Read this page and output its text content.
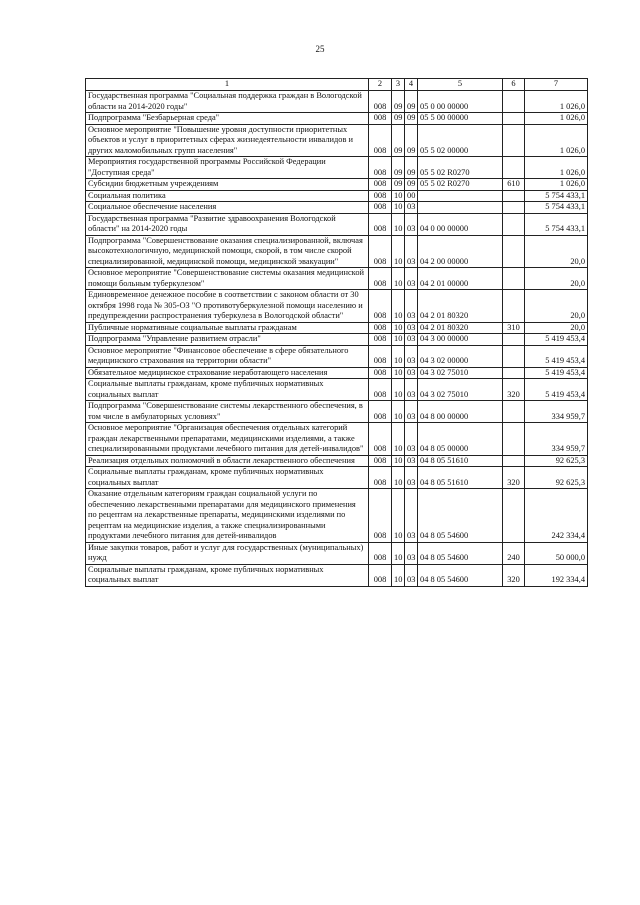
25
1	2	3	4	5	6	7
Государственная программа "Социальная поддержка граждан в Вологодской области на 2014-2020 годы"	008	09	09	05 0 00 00000		1 026,0
Подпрограмма "Безбарьерная среда"	008	09	09	05 5 00 00000		1 026,0
Основное мероприятие "Повышение уровня доступности приоритетных объектов и услуг в приоритетных сферах жизнедеятельности инвалидов и других маломобильных групп населения"	008	09	09	05 5 02 00000		1 026,0
Мероприятия государственной программы Российской Федерации "Доступная среда"	008	09	09	05 5 02 R0270		1 026,0
Субсидии бюджетным учреждениям	008	09	09	05 5 02 R0270	610	1 026,0
Социальная политика	008	10	00			5 754 433,1
Социальное обеспечение населения	008	10	03			5 754 433,1
Государственная программа "Развитие здравоохранения Вологодской области" на 2014-2020 годы	008	10	03	04 0 00 00000		5 754 433,1
Подпрограмма "Совершенствование оказания специализированной, включая высокотехнологичную, медицинской помощи, скорой, в том числе скорой специализированной, медицинской помощи, медицинской эвакуации"	008	10	03	04 2 00 00000		20,0
Основное мероприятие "Совершенствование системы оказания медицинской помощи больным туберкулезом"	008	10	03	04 2 01 00000		20,0
Единовременное денежное пособие в соответствии с законом области от 30 октября 1998 года № 305-ОЗ "О противотуберкулезной помощи населению и предупреждении распространения туберкулеза в Вологодской области"	008	10	03	04 2 01 80320		20,0
Публичные нормативные социальные выплаты гражданам	008	10	03	04 2 01 80320	310	20,0
Подпрограмма "Управление развитием отрасли"	008	10	03	04 3 00 00000		5 419 453,4
Основное мероприятие "Финансовое обеспечение в сфере обязательного медицинского страхования на территории области"	008	10	03	04 3 02 00000		5 419 453,4
Обязательное медицинское страхование неработающего населения	008	10	03	04 3 02 75010		5 419 453,4
Социальные выплаты гражданам, кроме публичных нормативных социальных выплат	008	10	03	04 3 02 75010	320	5 419 453,4
Подпрограмма "Совершенствование системы лекарственного обеспечения, в том числе в амбулаторных условиях"	008	10	03	04 8 00 00000		334 959,7
Основное мероприятие "Организация обеспечения отдельных категорий граждан лекарственными препаратами, медицинскими изделиями, а также специализированными продуктами лечебного питания для детей-инвалидов"	008	10	03	04 8 05 00000		334 959,7
Реализация отдельных полномочий в области лекарственного обеспечения	008	10	03	04 8 05 51610		92 625,3
Социальные выплаты гражданам, кроме публичных нормативных социальных выплат	008	10	03	04 8 05 51610	320	92 625,3
Оказание отдельным категориям граждан социальной услуги по обеспечению лекарственными препаратами для медицинского применения по рецептам на лекарственные препараты, медицинскими изделиями по рецептам на медицинские изделия, а также специализированными продуктами лечебного питания для детей-инвалидов	008	10	03	04 8 05 54600		242 334,4
Иные закупки товаров, работ и услуг для государственных (муниципальных) нужд	008	10	03	04 8 05 54600	240	50 000,0
Социальные выплаты гражданам, кроме публичных нормативных социальных выплат	008	10	03	04 8 05 54600	320	192 334,4
